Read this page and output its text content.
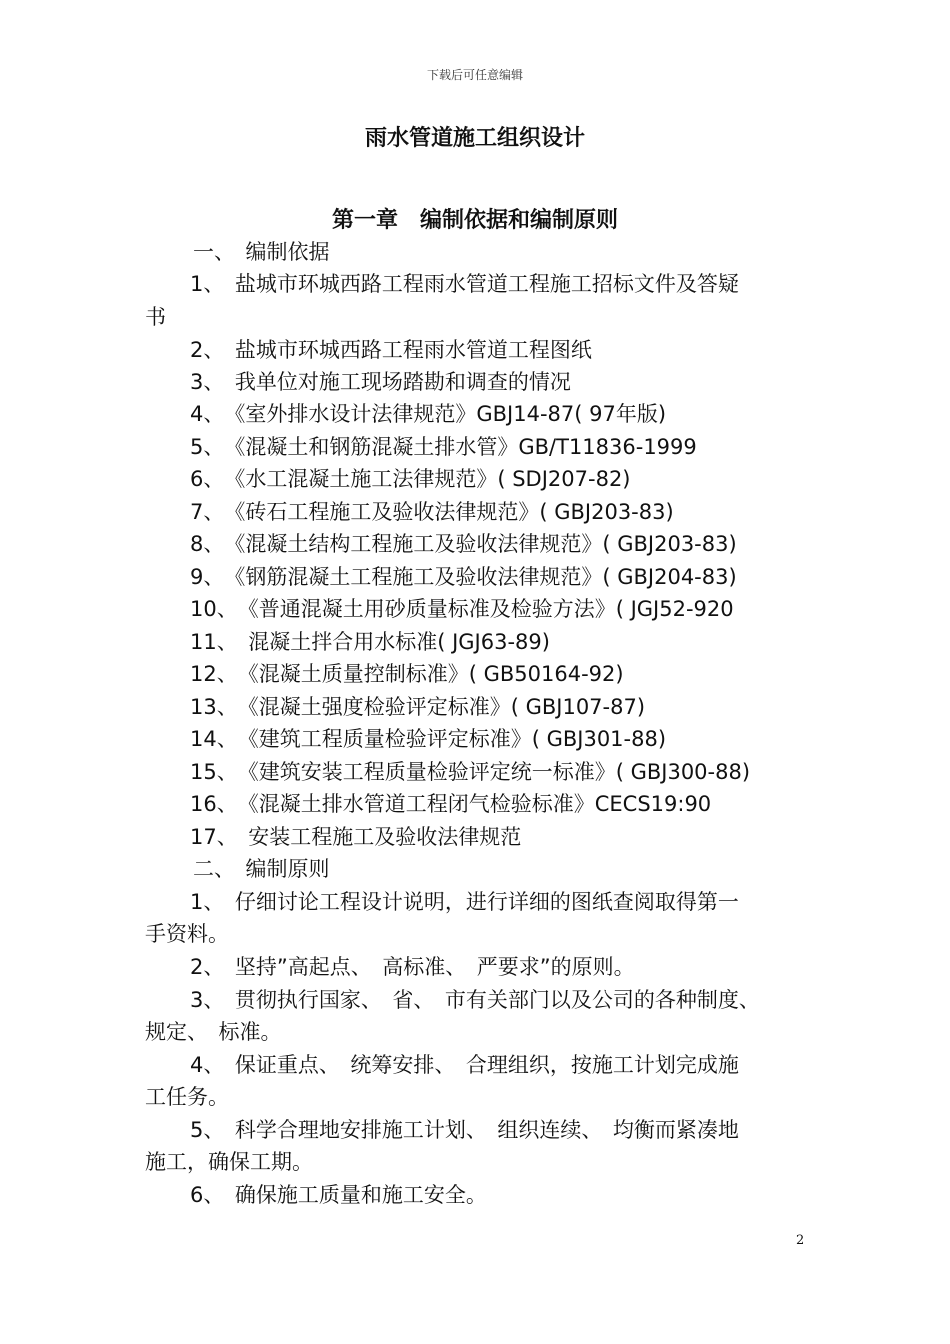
下载后可任意编辑
雨水管道施工组织设计
第一章　编制依据和编制原则
一、　编制依据
1、　盐城市环城西路工程雨水管道工程施工招标文件及答疑
书
2、　盐城市环城西路工程雨水管道工程图纸
3、　我单位对施工现场踏勘和调查的情况
4、　《室外排水设计法律规范》GBJ14-87( 97年版)
5、　《混凝土和钢筋混凝土排水管》GB/T11836-1999
6、　《水工混凝土施工法律规范》( SDJ207-82)
7、　《砖石工程施工及验收法律规范》( GBJ203-83)
8、　《混凝土结构工程施工及验收法律规范》( GBJ203-83)
9、　《钢筋混凝土工程施工及验收法律规范》( GBJ204-83)
10、　《普通混凝土用砂质量标准及检验方法》( JGJ52-920
11、　混凝土拌合用水标准( JGJ63-89)
12、　《混凝土质量控制标准》( GB50164-92)
13、　《混凝土强度检验评定标准》( GBJ107-87)
14、　《建筑工程质量检验评定标准》( GBJ301-88)
15、　《建筑安装工程质量检验评定统一标准》( GBJ300-88)
16、　《混凝土排水管道工程闭气检验标准》CECS19:90
17、　安装工程施工及验收法律规范
二、　编制原则
1、　仔细讨论工程设计说明，进行详细的图纸查阅取得第一
手资料。
2、　坚持”高起点、　高标准、　严要求”的原则。
3、　贯彻执行国家、　省、　市有关部门以及公司的各种制度、
规定、　标准。
4、　保证重点、　统筹安排、　合理组织，按施工计划完成施
工任务。
5、　科学合理地安排施工计划、　组织连续、　均衡而紧凑地
施工，确保工期。
6、　确保施工质量和施工安全。
2
